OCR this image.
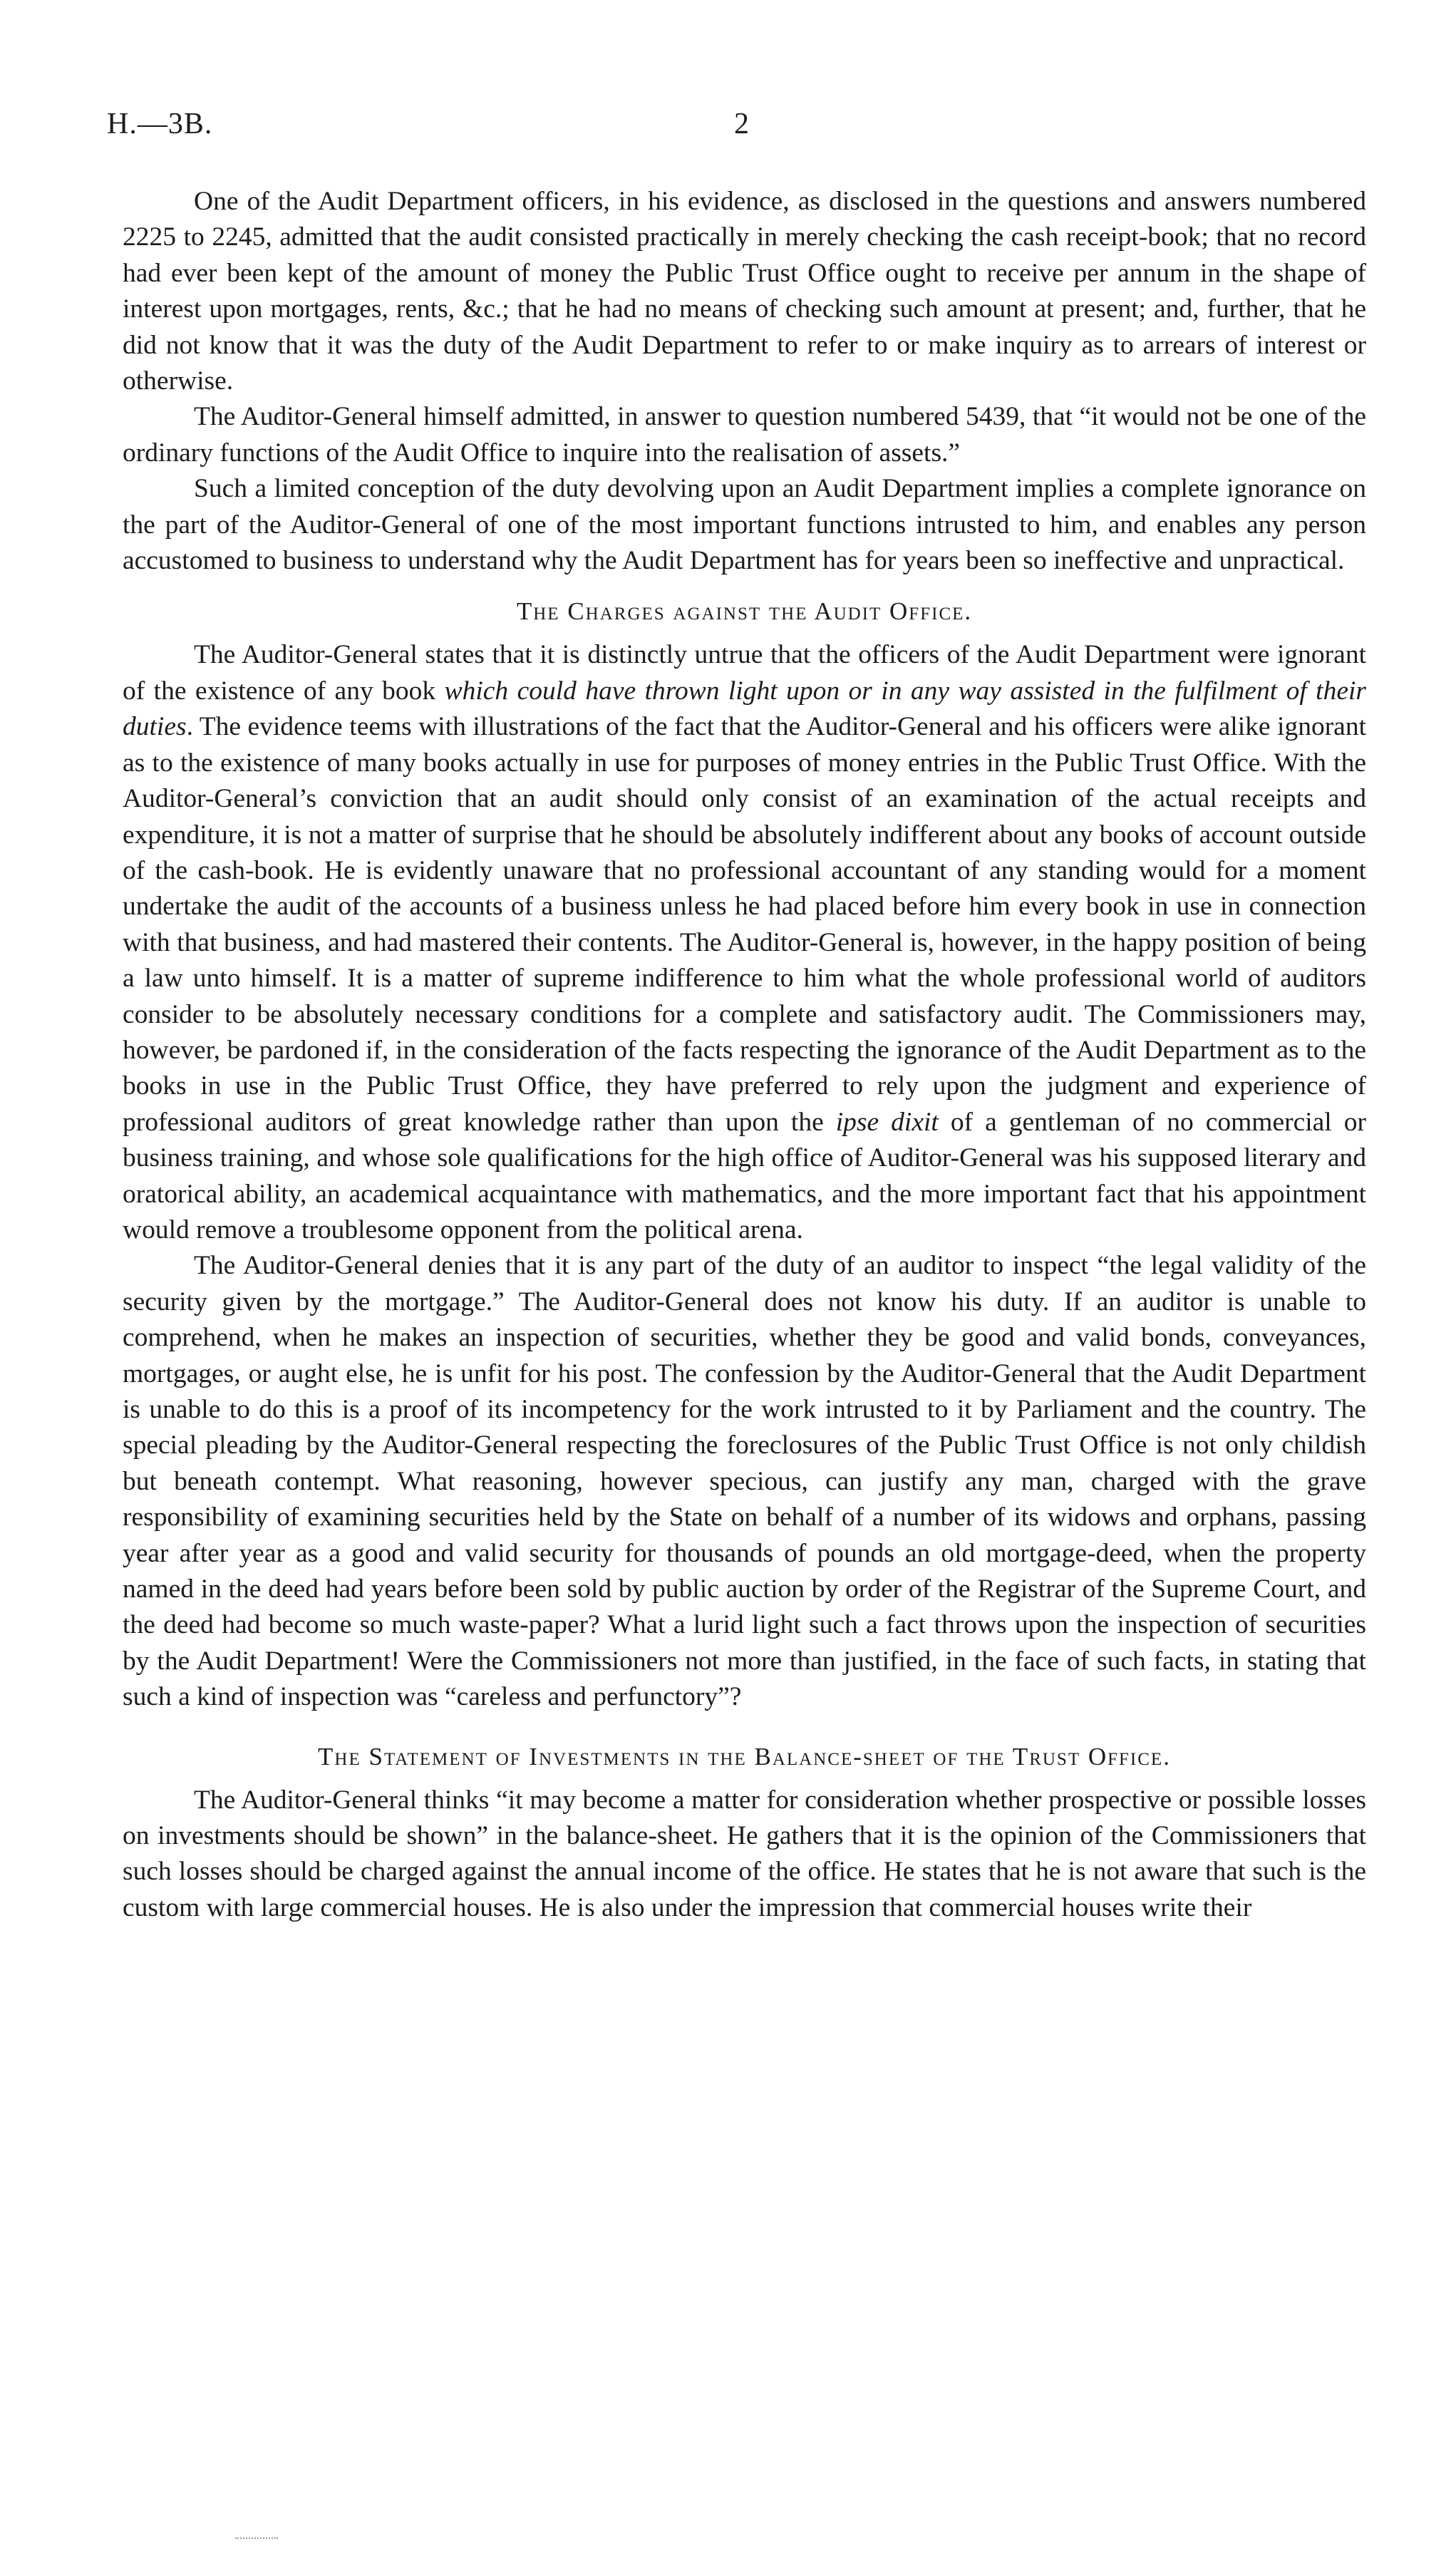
H.—3B.	2

One of the Audit Department officers, in his evidence, as disclosed in the questions and answers numbered 2225 to 2245, admitted that the audit consisted practically in merely checking the cash receipt-book; that no record had ever been kept of the amount of money the Public Trust Office ought to receive per annum in the shape of interest upon mortgages, rents, &c.; that he had no means of checking such amount at present; and, further, that he did not know that it was the duty of the Audit Department to refer to or make inquiry as to arrears of interest or otherwise.

The Auditor-General himself admitted, in answer to question numbered 5439, that “it would not be one of the ordinary functions of the Audit Office to inquire into the realisation of assets.”

Such a limited conception of the duty devolving upon an Audit Department implies a complete ignorance on the part of the Auditor-General of one of the most important functions intrusted to him, and enables any person accustomed to business to understand why the Audit Department has for years been so ineffective and unpractical.

The Charges against the Audit Office.

The Auditor-General states that it is distinctly untrue that the officers of the Audit Department were ignorant of the existence of any book which could have thrown light upon or in any way assisted in the fulfilment of their duties. The evidence teems with illustrations of the fact that the Auditor-General and his officers were alike ignorant as to the existence of many books actually in use for purposes of money entries in the Public Trust Office. With the Auditor-General’s conviction that an audit should only consist of an examination of the actual receipts and expenditure, it is not a matter of surprise that he should be absolutely indifferent about any books of account outside of the cash-book. He is evidently unaware that no professional accountant of any standing would for a moment undertake the audit of the accounts of a business unless he had placed before him every book in use in connection with that business, and had mastered their contents. The Auditor-General is, however, in the happy position of being a law unto himself. It is a matter of supreme indifference to him what the whole professional world of auditors consider to be absolutely necessary conditions for a complete and satisfactory audit. The Commissioners may, however, be pardoned if, in the consideration of the facts respecting the ignorance of the Audit Department as to the books in use in the Public Trust Office, they have preferred to rely upon the judgment and experience of professional auditors of great knowledge rather than upon the ipse dixit of a gentleman of no commercial or business training, and whose sole qualifications for the high office of Auditor-General was his supposed literary and oratorical ability, an academical acquaintance with mathematics, and the more important fact that his appointment would remove a troublesome opponent from the political arena.

The Auditor-General denies that it is any part of the duty of an auditor to inspect “the legal validity of the security given by the mortgage.” The Auditor-General does not know his duty. If an auditor is unable to comprehend, when he makes an inspection of securities, whether they be good and valid bonds, conveyances, mortgages, or aught else, he is unfit for his post. The confession by the Auditor-General that the Audit Department is unable to do this is a proof of its incompetency for the work intrusted to it by Parliament and the country. The special pleading by the Auditor-General respecting the foreclosures of the Public Trust Office is not only childish but beneath contempt. What reasoning, however specious, can justify any man, charged with the grave responsibility of examining securities held by the State on behalf of a number of its widows and orphans, passing year after year as a good and valid security for thousands of pounds an old mortgage-deed, when the property named in the deed had years before been sold by public auction by order of the Registrar of the Supreme Court, and the deed had become so much waste-paper? What a lurid light such a fact throws upon the inspection of securities by the Audit Department! Were the Commissioners not more than justified, in the face of such facts, in stating that such a kind of inspection was “careless and perfunctory”?

The Statement of Investments in the Balance-sheet of the Trust Office.

The Auditor-General thinks “it may become a matter for consideration whether prospective or possible losses on investments should be shown” in the balance-sheet. He gathers that it is the opinion of the Commissioners that such losses should be charged against the annual income of the office. He states that he is not aware that such is the custom with large commercial houses. He is also under the impression that commercial houses write their
